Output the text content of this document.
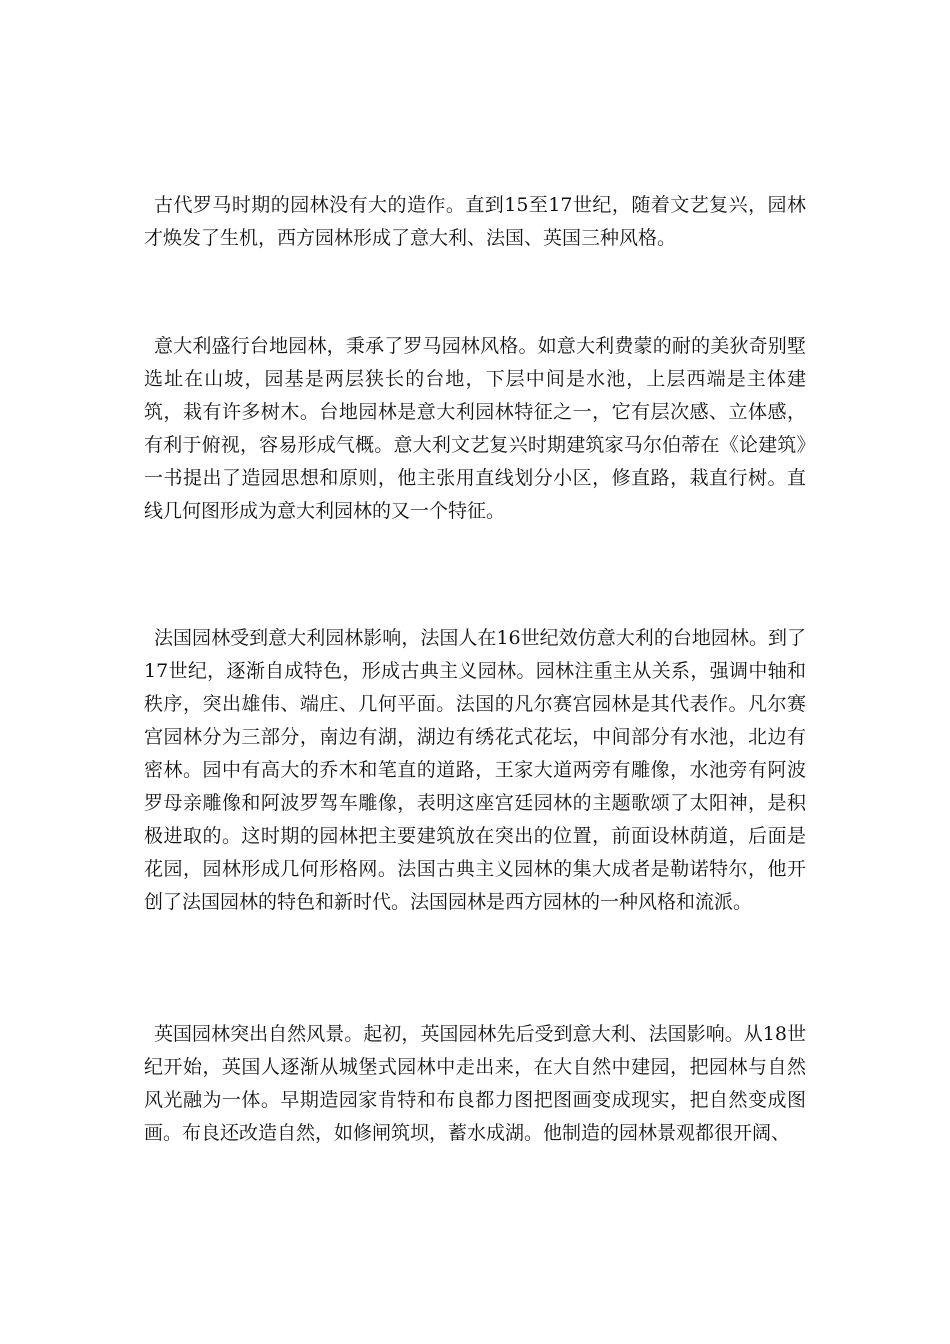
古代罗马时期的园林没有大的造作。直到15至17世纪，随着文艺复兴，园林才焕发了生机，西方园林形成了意大利、法国、英国三种风格。

意大利盛行台地园林，秉承了罗马园林风格。如意大利费蒙的耐的美狄奇别墅选址在山坡，园基是两层狭长的台地，下层中间是水池，上层西端是主体建筑，栽有许多树木。台地园林是意大利园林特征之一，它有层次感、立体感，有利于俯视，容易形成气概。意大利文艺复兴时期建筑家马尔伯蒂在《论建筑》一书提出了造园思想和原则，他主张用直线划分小区，修直路，栽直行树。直线几何图形成为意大利园林的又一个特征。

法国园林受到意大利园林影响，法国人在16世纪效仿意大利的台地园林。到了17世纪，逐渐自成特色，形成古典主义园林。园林注重主从关系，强调中轴和秩序，突出雄伟、端庄、几何平面。法国的凡尔赛宫园林是其代表作。凡尔赛宫园林分为三部分，南边有湖，湖边有绣花式花坛，中间部分有水池，北边有密林。园中有高大的乔木和笔直的道路，王家大道两旁有雕像，水池旁有阿波罗母亲雕像和阿波罗驾车雕像，表明这座宫廷园林的主题歌颂了太阳神，是积极进取的。这时期的园林把主要建筑放在突出的位置，前面设林荫道，后面是花园，园林形成几何形格网。法国古典主义园林的集大成者是勒诺特尔，他开创了法国园林的特色和新时代。法国园林是西方园林的一种风格和流派。

英国园林突出自然风景。起初，英国园林先后受到意大利、法国影响。从18世纪开始，英国人逐渐从城堡式园林中走出来，在大自然中建园，把园林与自然风光融为一体。早期造园家肯特和布良都力图把图画变成现实，把自然变成图画。布良还改造自然，如修闸筑坝，蓄水成湖。他制造的园林景观都很开阔、
